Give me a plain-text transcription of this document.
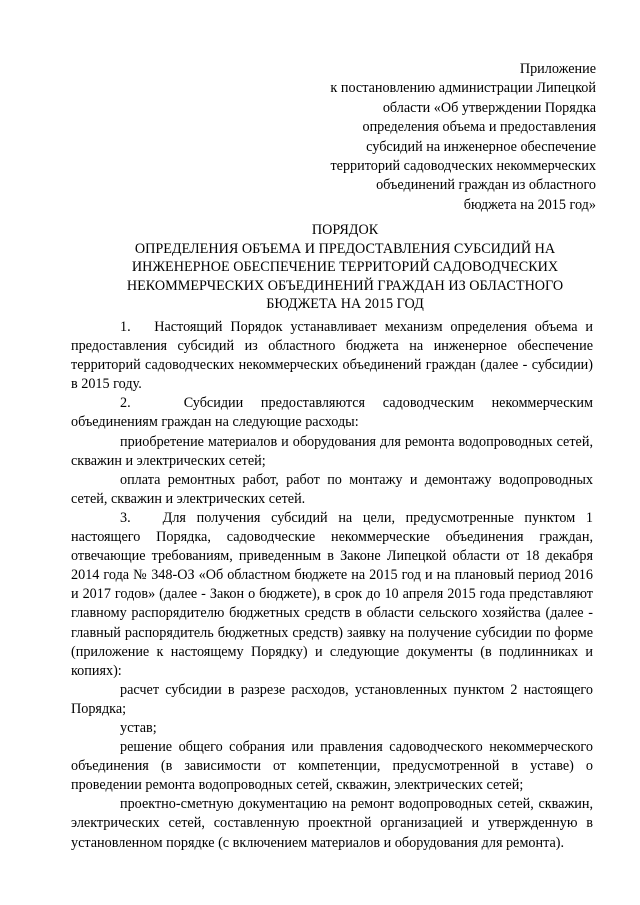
Приложение
к постановлению администрации Липецкой
области «Об утверждении Порядка
определения объема и предоставления
субсидий на инженерное обеспечение
территорий садоводческих некоммерческих
объединений граждан из областного
бюджета на 2015 год»
ПОРЯДОК
ОПРЕДЕЛЕНИЯ ОБЪЕМА И ПРЕДОСТАВЛЕНИЯ СУБСИДИЙ НА
ИНЖЕНЕРНОЕ ОБЕСПЕЧЕНИЕ ТЕРРИТОРИЙ САДОВОДЧЕСКИХ
НЕКОММЕРЧЕСКИХ ОБЪЕДИНЕНИЙ ГРАЖДАН ИЗ ОБЛАСТНОГО
БЮДЖЕТА НА 2015 ГОД

1.   Настоящий Порядок устанавливает механизм определения объема и предоставления субсидий из областного бюджета на инженерное обеспечение территорий садоводческих некоммерческих объединений граждан (далее - субсидии) в 2015 году.

2.   Субсидии предоставляются садоводческим некоммерческим объединениям граждан на следующие расходы:

приобретение материалов и оборудования для ремонта водопроводных сетей, скважин и электрических сетей;

оплата ремонтных работ, работ по монтажу и демонтажу водопроводных сетей, скважин и электрических сетей.

3.   Для получения субсидий на цели, предусмотренные пунктом 1 настоящего Порядка, садоводческие некоммерческие объединения граждан, отвечающие требованиям, приведенным в Законе Липецкой области от 18 декабря 2014 года № 348-ОЗ «Об областном бюджете на 2015 год и на плановый период 2016 и 2017 годов» (далее - Закон о бюджете), в срок до 10 апреля 2015 года представляют главному распорядителю бюджетных средств в области сельского хозяйства (далее - главный распорядитель бюджетных средств) заявку на получение субсидии по форме (приложение к настоящему Порядку) и следующие документы (в подлинниках и копиях):

расчет субсидии в разрезе расходов, установленных пунктом 2 настоящего Порядка;

устав;

решение общего собрания или правления садоводческого некоммерческого объединения (в зависимости от компетенции, предусмотренной в уставе) о проведении ремонта водопроводных сетей, скважин, электрических сетей;

проектно-сметную документацию на ремонт водопроводных сетей, скважин, электрических сетей, составленную проектной организацией и утвержденную в установленном порядке (с включением материалов и оборудования для ремонта).
